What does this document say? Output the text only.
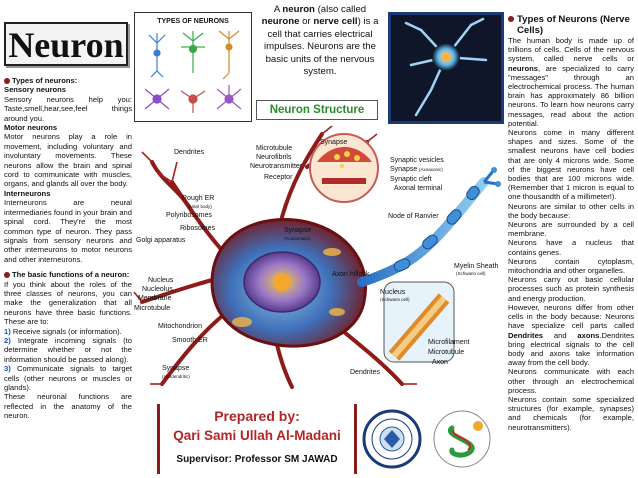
Neuron
Types of neurons:
Sensory neurons
Sensory neurons help you: Taste,smell,hear,see,feel things around you.
Motor neurons
Motor neurons play a role in movement, including voluntary and involuntary movements. These neurons allow the brain and spinal cord to communicate with muscles, organs, and glands all over the body.
Interneurons
Interneurons are neural intermediaries found in your brain and spinal cord. They're the most common type of neuron. They pass signals from sensory neurons and other interneurons to motor neurons and other interneurons.
The basic functions of a neuron:
If you think about the roles of the three classes of neurons, you can make the generalization that all neurons have three basic functions. These are to:
1) Receive signals (or information).
2) Integrate incoming signals (to determine whether or not the information should be passed along).
3) Communicate signals to target cells (other neurons or muscles or glands).
These neuronal functions are reflected in the anatomy of the neuron.
TYPES OF NEURONS
A neuron (also called neurone or nerve cell) is a cell that carries electrical impulses. Neurons are the basic units of the nervous system.
Neuron Structure
Types of Neurons (Nerve Cells)
The human body is made up of trillions of cells. Cells of the nervous system, called nerve cells or neurons, are specialized to carry "messages" through an electrochemical process. The human brain has approximately 86 billion neurons. To learn how neurons carry messages, read about the action potential.
Neurons come in many different shapes and sizes. Some of the smallest neurons have cell bodies that are only 4 microns wide. Some of the biggest neurons have cell bodies that are 100 microns wide. (Remember that 1 micron is equal to one thousandth of a millimeter!).
Neurons are similar to other cells in the body because:
Neurons are surrounded by a cell membrane.
Neurons have a nucleus that contains genes.
Neurons contain cytoplasm, mitochondria and other organelles.
Neurons carry out basic cellular processes such as protein synthesis and energy production.
However, neurons differ from other cells in the body because: Neurons have specialize cell parts called Dendrites and axons.Dendrites bring electrical signals to the cell body and axons take information away from the cell body.
Neurons communicate with each other through an electrochemical process.
Neurons contain some specialized structures (for example, synapses) and chemicals (for example, neurotransmitters).
Dendrites
Microtubule
Neurofibrils
Neurotransmitter
Receptor
Synapse
Synaptic vesicles
Synapse (Axoaxonic)
Synaptic cleft
Axonal terminal
Rough ER
(Nissl body)
Polyribosomes
Ribosomes
Golgi apparatus
Synapse
(Axosomatic)
Node of Ranvier
Myelin Sheath
(Schwann cell)
Axon hillock
Nucleus
Nucleolus
Membrane
Microtubule
Mitochondrion
Smooth ER
Synapse
(Axodendritic)
Nucleus
(Schwann cell)
Microfilament
Microtubule
Axon
Dendrites
Prepared by:
Qari Sami Ullah Al-Madani
Supervisor: Professor SM JAWAD
